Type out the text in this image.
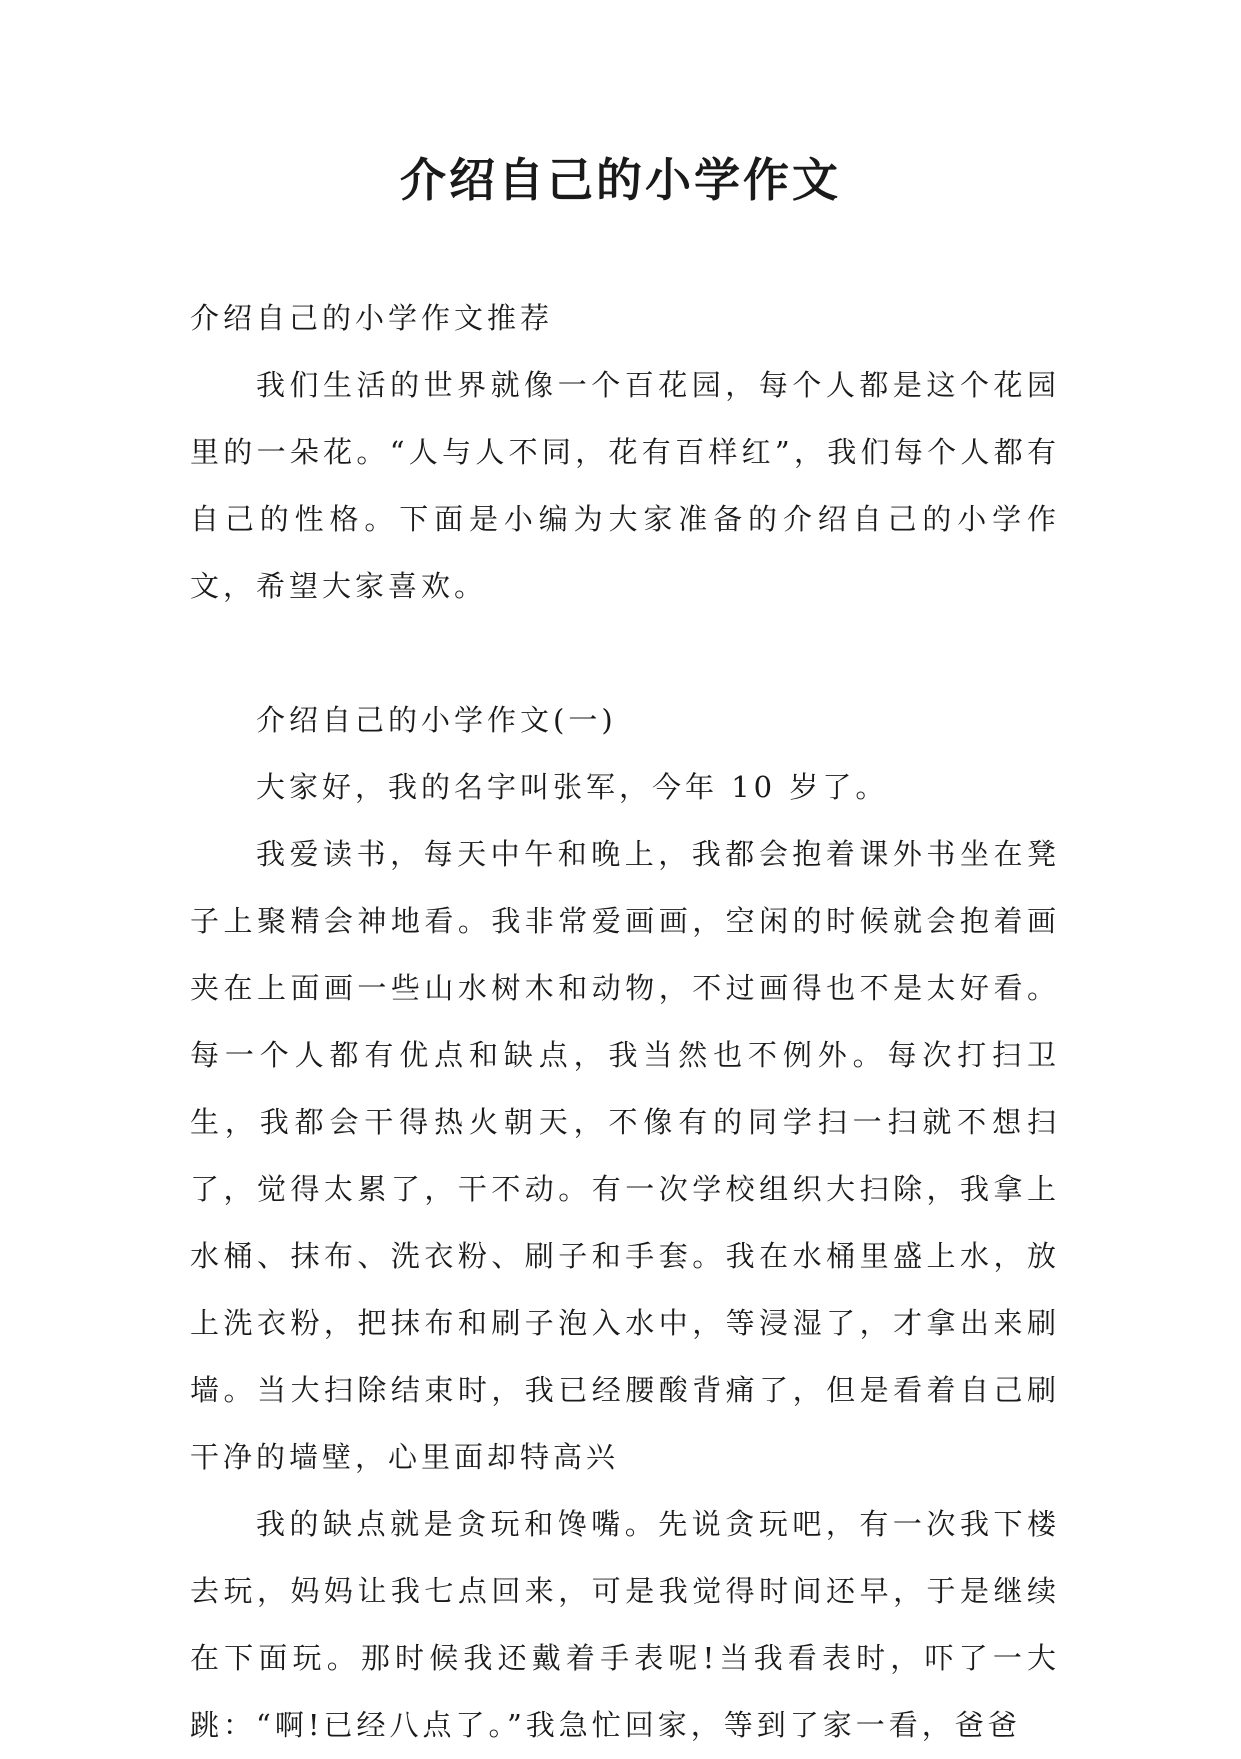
介绍自己的小学作文

介绍自己的小学作文推荐

我们生活的世界就像一个百花园，每个人都是这个花园里的一朵花。“人与人不同，花有百样红”，我们每个人都有自己的性格。下面是小编为大家准备的介绍自己的小学作文，希望大家喜欢。

介绍自己的小学作文(一)

大家好，我的名字叫张军，今年 10 岁了。

我爱读书，每天中午和晚上，我都会抱着课外书坐在凳子上聚精会神地看。我非常爱画画，空闲的时候就会抱着画夹在上面画一些山水树木和动物，不过画得也不是太好看。每一个人都有优点和缺点，我当然也不例外。每次打扫卫生，我都会干得热火朝天，不像有的同学扫一扫就不想扫了，觉得太累了，干不动。有一次学校组织大扫除，我拿上水桶、抹布、洗衣粉、刷子和手套。我在水桶里盛上水，放上洗衣粉，把抹布和刷子泡入水中，等浸湿了，才拿出来刷墙。当大扫除结束时，我已经腰酸背痛了，但是看着自己刷干净的墙壁，心里面却特高兴

我的缺点就是贪玩和馋嘴。先说贪玩吧，有一次我下楼去玩，妈妈让我七点回来，可是我觉得时间还早，于是继续在下面玩。那时候我还戴着手表呢!当我看表时，吓了一大跳：“啊!已经八点了。”我急忙回家，等到了家一看，爸爸
